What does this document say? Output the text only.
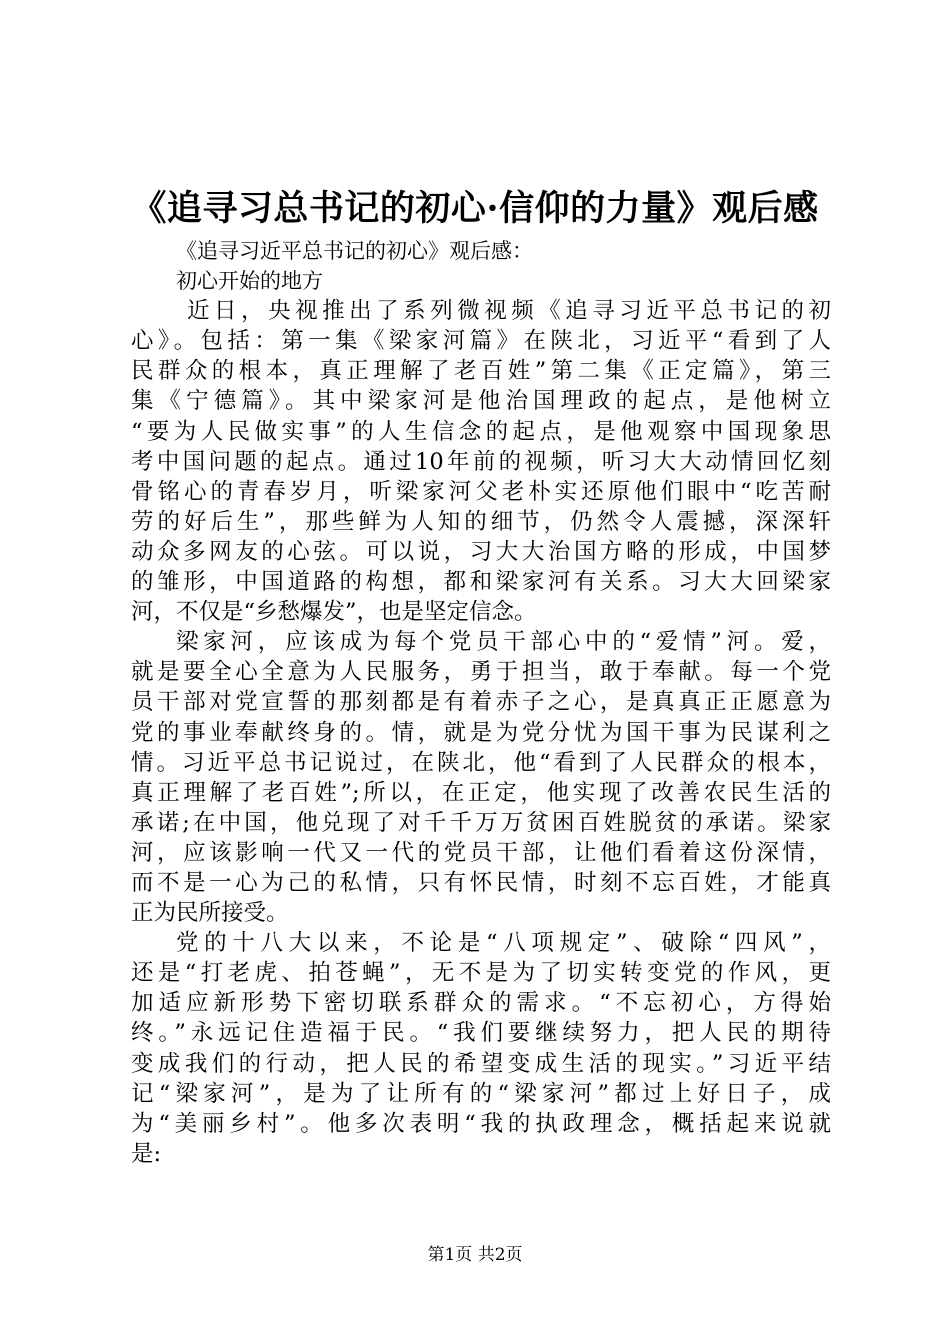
《追寻习总书记的初心·信仰的力量》观后感
《追寻习近平总书记的初心》观后感：
初心开始的地方
近日，央视推出了系列微视频《追寻习近平总书记的初
心》。包括：第一集《梁家河篇》在陕北，习近平“看到了人
民群众的根本，真正理解了老百姓”第二集《正定篇》，第三
集《宁德篇》。其中梁家河是他治国理政的起点，是他树立
“要为人民做实事”的人生信念的起点，是他观察中国现象思
考中国问题的起点。通过10年前的视频，听习大大动情回忆刻
骨铭心的青春岁月，听梁家河父老朴实还原他们眼中“吃苦耐
劳的好后生”，那些鲜为人知的细节，仍然令人震撼，深深轩
动众多网友的心弦。可以说，习大大治国方略的形成，中国梦
的雏形，中国道路的构想，都和梁家河有关系。习大大回梁家
河，不仅是“乡愁爆发”，也是坚定信念。
梁家河，应该成为每个党员干部心中的“爱情”河。爱，
就是要全心全意为人民服务，勇于担当，敢于奉献。每一个党
员干部对党宣誓的那刻都是有着赤子之心，是真真正正愿意为
党的事业奉献终身的。情，就是为党分忧为国干事为民谋利之
情。习近平总书记说过，在陕北，他“看到了人民群众的根本，
真正理解了老百姓”;所以，在正定，他实现了改善农民生活的
承诺;在中国，他兑现了对千千万万贫困百姓脱贫的承诺。梁家
河，应该影响一代又一代的党员干部，让他们看着这份深情，
而不是一心为己的私情，只有怀民情，时刻不忘百姓，才能真
正为民所接受。
党的十八大以来，不论是“八项规定”、破除“四风”，
还是“打老虎、拍苍蝇”，无不是为了切实转变党的作风，更
加适应新形势下密切联系群众的需求。“不忘初心，方得始
终。”永远记住造福于民。“我们要继续努力，把人民的期待
变成我们的行动，把人民的希望变成生活的现实。”习近平结
记“梁家河”，是为了让所有的“梁家河”都过上好日子，成
为“美丽乡村”。他多次表明“我的执政理念，概括起来说就
是:
第1页 共2页
